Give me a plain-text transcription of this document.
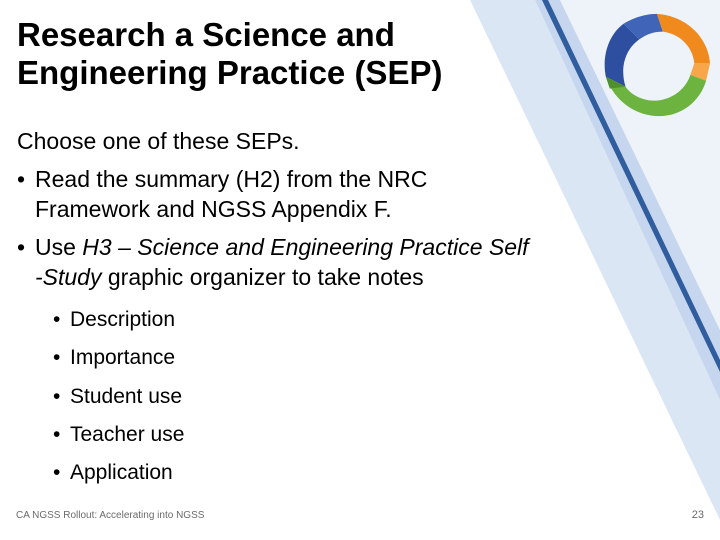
Research a Science and
Engineering Practice (SEP)

Choose one of these SEPs.

• Read the summary (H2) from the NRC
Framework and NGSS Appendix F.
• Use H3 – Science and Engineering Practice Self
-Study graphic organizer to take notes
• Description
• Importance
• Student use
• Teacher use
• Application
CA NGSS Rollout: Accelerating into NGSS	23
